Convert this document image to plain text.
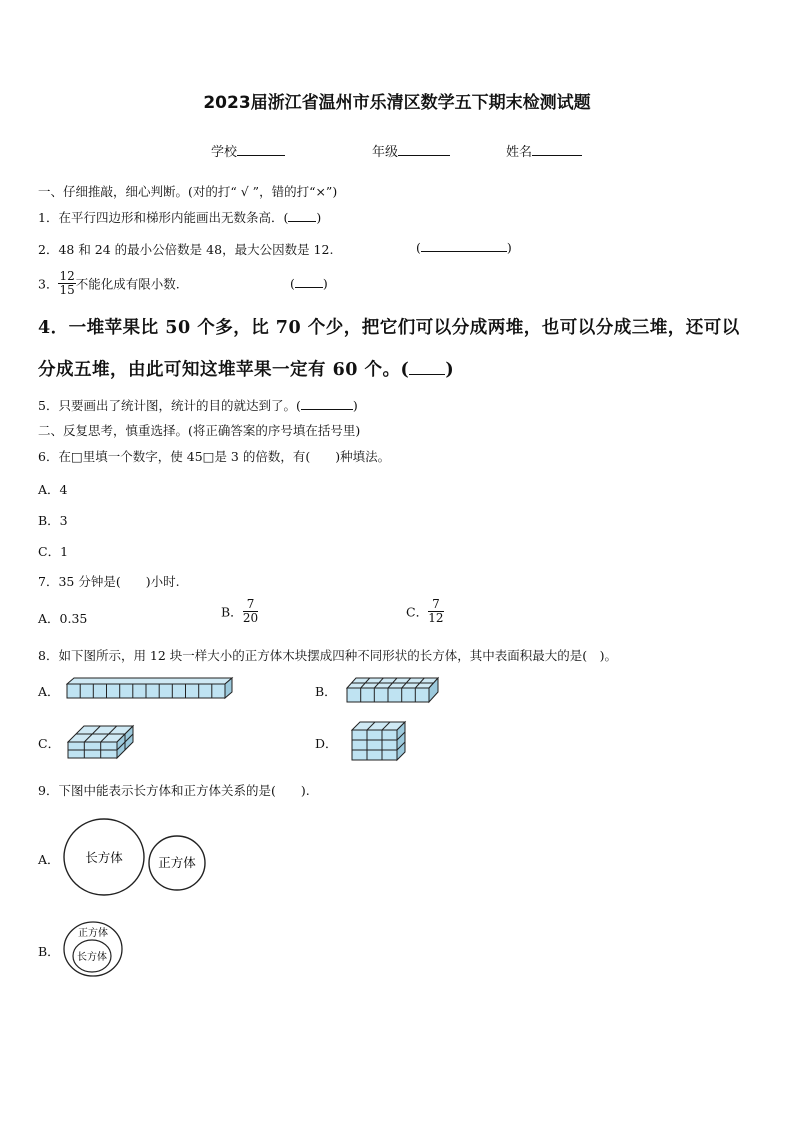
2023届浙江省温州市乐清区数学五下期末检测试题
学校	年级	姓名
一、仔细推敲，细心判断。(对的打“ √ ”，错的打“×”)
1．在平行四边形和梯形内能画出无数条高．( )
2．48 和 24 的最小公倍数是 48，最大公因数是 12.	(	)
3． $\frac{12}{15}$ 不能化成有限小数.	( )
4．一堆苹果比 50 个多，比 70 个少，把它们可以分成两堆，也可以分成三堆，还可以
分成五堆，由此可知这堆苹果一定有 60 个。( )
5．只要画出了统计图，统计的目的就达到了。(	)
二、反复思考，慎重选择。(将正确答案的序号填在括号里)
6．在□里填一个数字，使 45□是 3 的倍数，有(　　)种填法。
A．4
B．3
C．1
7．35 分钟是(　　)小时.
A．0.35	B． $\frac{7}{20}$	C． $\frac{7}{12}$
8．如下图所示，用 12 块一样大小的正方体木块摆成四种不同形状的长方体，其中表面积最大的是(　)。
A．	B．
C．	D．
9．下图中能表示长方体和正方体关系的是(　　).
A． 长方体	正方体
B．
正方体
长方体
